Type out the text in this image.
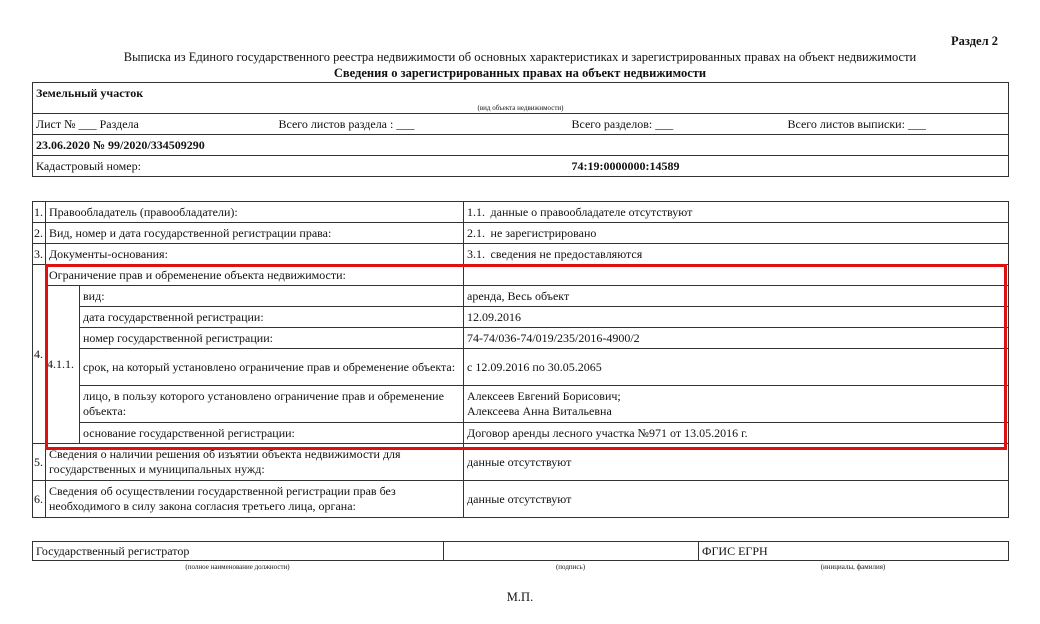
Раздел 2
Выписка из Единого государственного реестра недвижимости об основных характеристиках и зарегистрированных правах на объект недвижимости
Сведения о зарегистрированных правах на объект недвижимости
Земельный участок			
(вид объекта недвижимости)			
Лист № ___ Раздела	Всего листов раздела : ___	Всего разделов: ___	Всего листов выписки: ___
23.06.2020 № 99/2020/334509290			
Кадастровый номер:		74:19:0000000:14589	
1.	Правообладатель (правообладатели):		1.1.	данные о правообладателе отсутствуют
2.	Вид, номер и дата государственной регистрации права:		2.1.	не зарегистрировано
3.	Документы-основания:		3.1.	сведения не предоставляются
4.	Ограничение прав и обременение объекта недвижимости:			
	4.1.1.	вид:	аренда, Весь объект	
		дата государственной регистрации:	12.09.2016	
		номер государственной регистрации:	74-74/036-74/019/235/2016-4900/2	
		срок, на который установлено ограничение прав и обременение объекта:	с 12.09.2016 по 30.05.2065	
		лицо, в пользу которого установлено ограничение прав и обременение объекта:	Алексеев Евгений Борисович;
Алексеева Анна Витальевна	
		основание государственной регистрации:	Договор аренды лесного участка №971 от 13.05.2016 г.	
5.	Сведения о наличии решения об изъятии объекта недвижимости для государственных и муниципальных нужд:		данные отсутствуют	
6.	Сведения об осуществлении государственной регистрации прав без необходимого в силу закона согласия третьего лица, органа:		данные отсутствуют	
Государственный регистратор		ФГИС ЕГРН
(полное наименование должности)	(подпись)	(инициалы, фамилия)
М.П.
